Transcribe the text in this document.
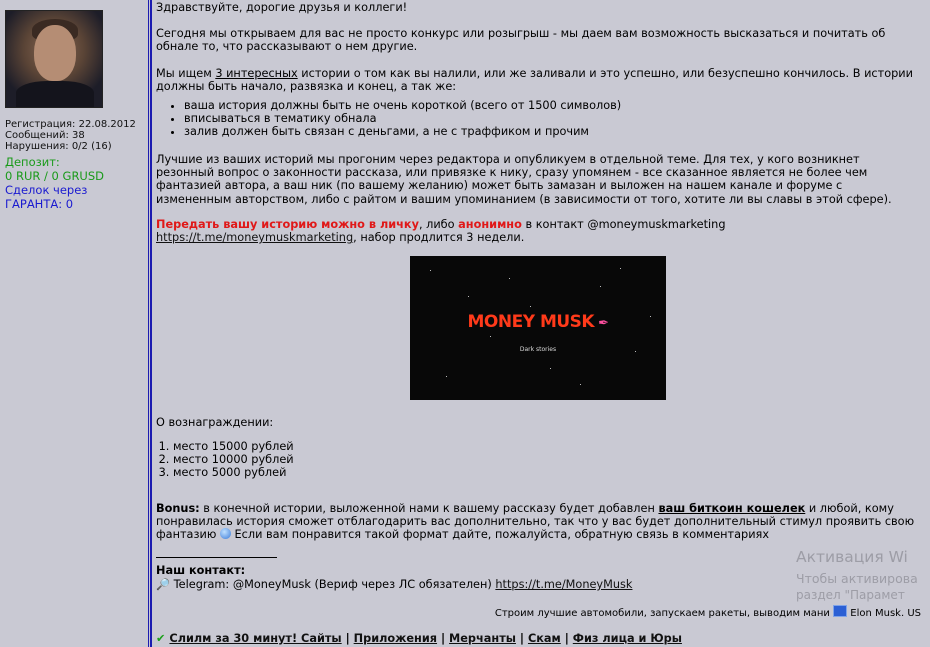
Регистрация: 22.08.2012
Сообщений: 38
Нарушения: 0/2 (16)
Депозит:
0 RUR / 0 GRUSD
Сделок через
ГАРАНТА: 0

Здравствуйте, дорогие друзья и коллеги!

Сегодня мы открываем для вас не просто конкурс или розыгрыш - мы даем вам возможность высказаться и почитать об обнале то, что рассказывают о нем другие.

Мы ищем 3 интересных истории о том как вы налили, или же заливали и это успешно, или безуспешно кончилось. В истории должны быть начало, развязка и конец, а так же:

• ваша история должны быть не очень короткой (всего от 1500 символов)
• вписываться в тематику обнала
• залив должен быть связан с деньгами, а не с траффиком и прочим

Лучшие из ваших историй мы прогоним через редактора и опубликуем в отдельной теме. Для тех, у кого возникнет резонный вопрос о законности рассказа, или привязке к нику, сразу упомянем - все сказанное является не более чем фантазией автора, а ваш ник (по вашему желанию) может быть замазан и выложен на нашем канале и форуме с измененным авторством, либо с райтом и вашим упоминанием (в зависимости от того, хотите ли вы славы в этой сфере).

Передать вашу историю можно в личку, либо анонимно в контакт @moneymuskmarketing https://t.me/moneymuskmarketing, набор продлится 3 недели.

MONEY MUSK ✒
Dark stories

О вознаграждении:

1. место 15000 рублей
2. место 10000 рублей
3. место 5000 рублей

Bonus: в конечной истории, выложенной нами к вашему рассказу будет добавлен ваш биткоин кошелек и любой, кому понравилась история сможет отблагодарить вас дополнительно, так что у вас будет дополнительный стимул проявить свою фантазию  Если вам понравится такой формат дайте, пожалуйста, обратную связь в комментариях

Наш контакт:
🔎 Telegram: @MoneyMusk (Вериф через ЛС обязателен) https://t.me/MoneyMusk
Строим лучшие автомобили, запускаем ракеты, выводим мани  Elon Musk. US
✔ Слилм за 30 минут! Сайты | Приложения | Мерчанты | Скам | Физ лица и Юры
Активация Wi
Чтобы активирова
раздел "Парамет
